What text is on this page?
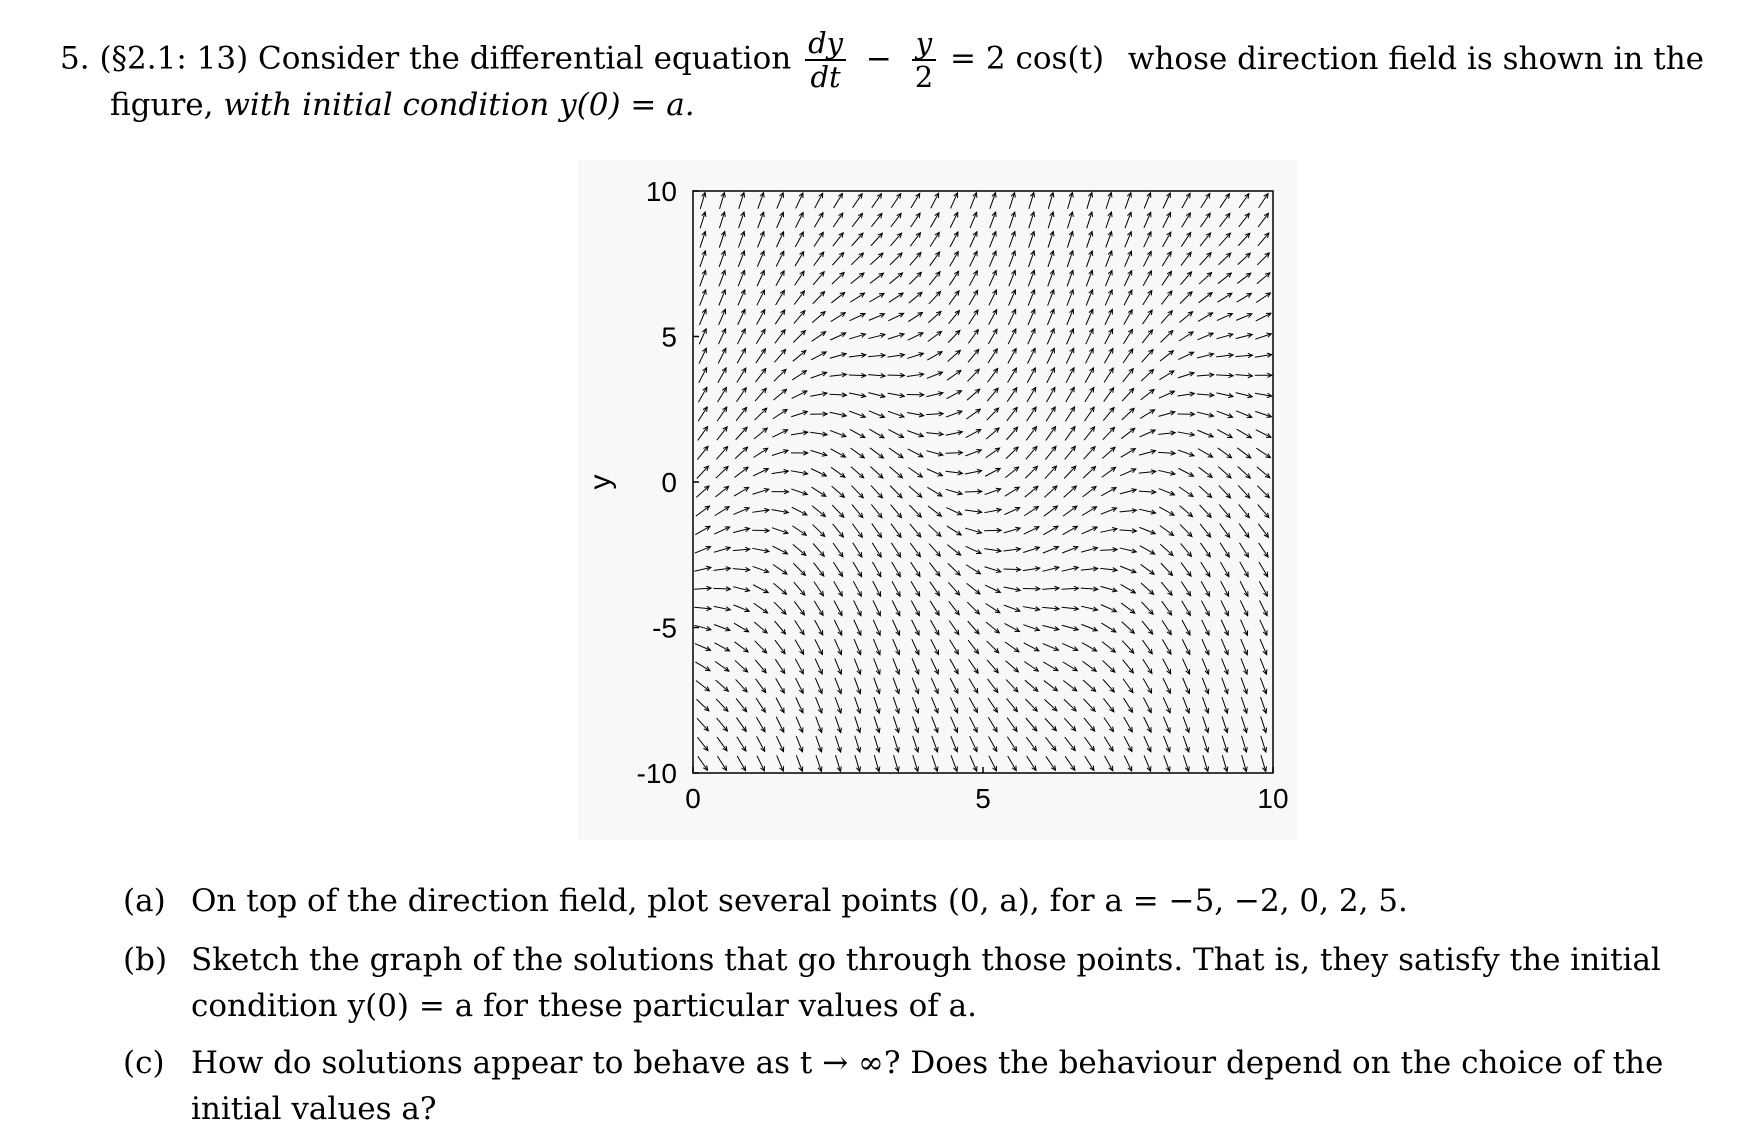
5. (§2.1: 13) Consider the differential equation $\frac{dy}{dt} - \frac{y}{2} = 2$ cos(t) whose direction field is shown in the
figure, with initial condition y(0) = a.
y
0	5	10
10
5
0
-5
-10
(a) On top of the direction field, plot several points (0, a), for a = −5, −2, 0, 2, 5.
(b) Sketch the graph of the solutions that go through those points. That is, they satisfy the initial condition y(0) = a for these particular values of a.
(c) How do solutions appear to behave as t → ∞? Does the behaviour depend on the choice of the initial values a?
